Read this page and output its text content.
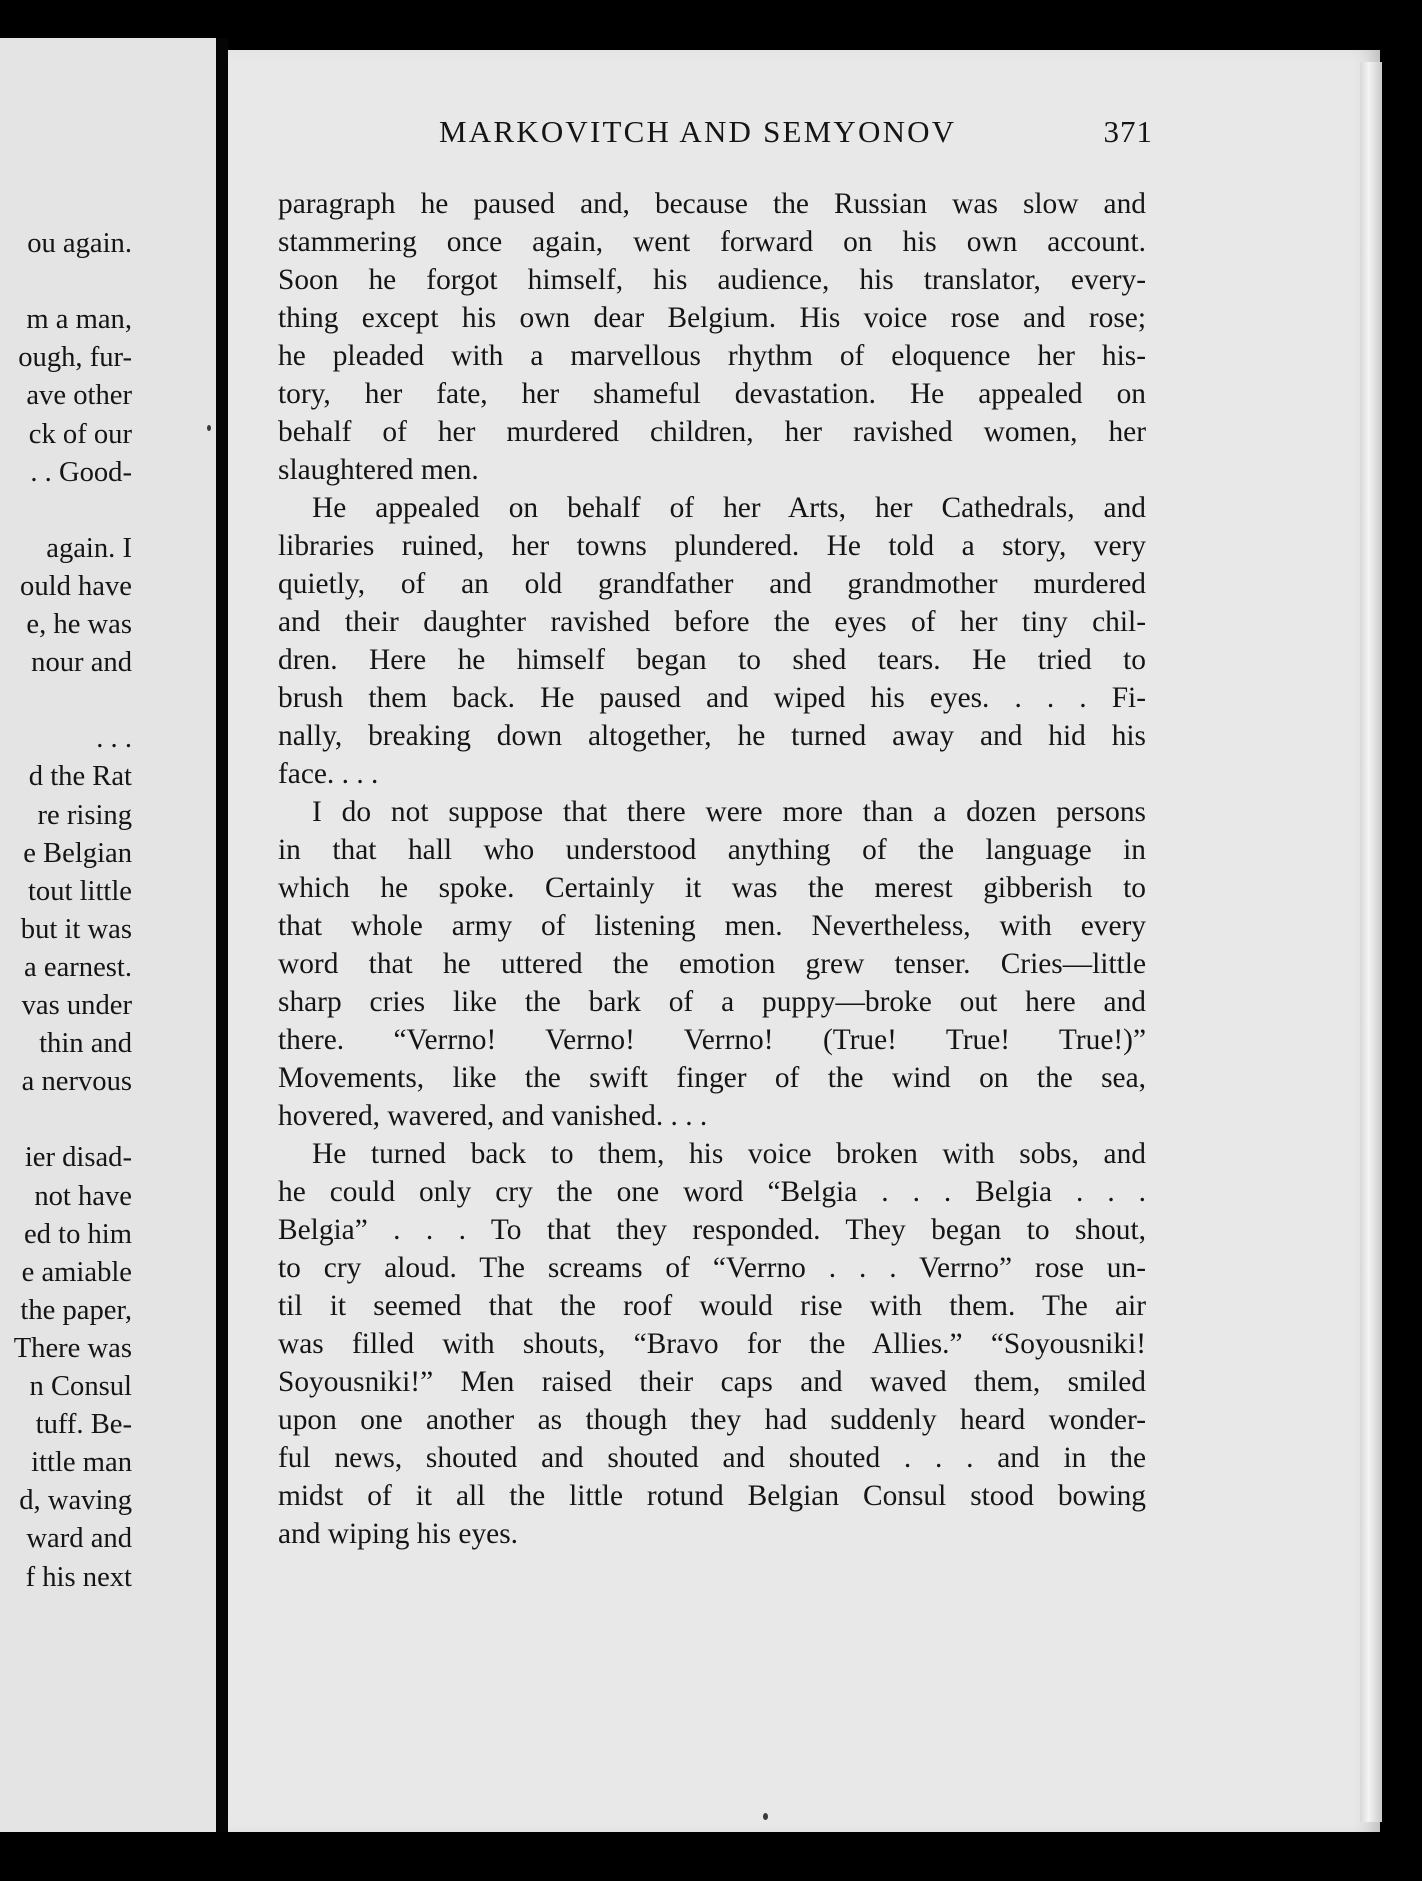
ou again.
m a man,
ough, fur-
ave other
ck of our
. . Good-
again. I
ould have
e, he was
nour and
. . .
d the Rat
re rising
e Belgian
tout little
but it was
a earnest.
vas under
thin and
a nervous
ier disad-
not have
ed to him
e amiable
the paper,
There was
n Consul
tuff. Be-
ittle man
d, waving
ward and
f his next
MARKOVITCH AND SEMYONOV	371
paragraph he paused and, because the Russian was slow and
stammering once again, went forward on his own account.
Soon he forgot himself, his audience, his translator, every-
thing except his own dear Belgium. His voice rose and rose;
he pleaded with a marvellous rhythm of eloquence her his-
tory, her fate, her shameful devastation. He appealed on
behalf of her murdered children, her ravished women, her
slaughtered men.
He appealed on behalf of her Arts, her Cathedrals, and
libraries ruined, her towns plundered. He told a story, very
quietly, of an old grandfather and grandmother murdered
and their daughter ravished before the eyes of her tiny chil-
dren. Here he himself began to shed tears. He tried to
brush them back. He paused and wiped his eyes. . . . Fi-
nally, breaking down altogether, he turned away and hid his
face. . . .
I do not suppose that there were more than a dozen persons
in that hall who understood anything of the language in
which he spoke. Certainly it was the merest gibberish to
that whole army of listening men. Nevertheless, with every
word that he uttered the emotion grew tenser. Cries—little
sharp cries like the bark of a puppy—broke out here and
there. “Verrno! Verrno! Verrno! (True! True! True!)”
Movements, like the swift finger of the wind on the sea,
hovered, wavered, and vanished. . . .
He turned back to them, his voice broken with sobs, and
he could only cry the one word “Belgia . . . Belgia . . .
Belgia” . . . To that they responded. They began to shout,
to cry aloud. The screams of “Verrno . . . Verrno” rose un-
til it seemed that the roof would rise with them. The air
was filled with shouts, “Bravo for the Allies.” “Soyousniki!
Soyousniki!” Men raised their caps and waved them, smiled
upon one another as though they had suddenly heard wonder-
ful news, shouted and shouted and shouted . . . and in the
midst of it all the little rotund Belgian Consul stood bowing
and wiping his eyes.
